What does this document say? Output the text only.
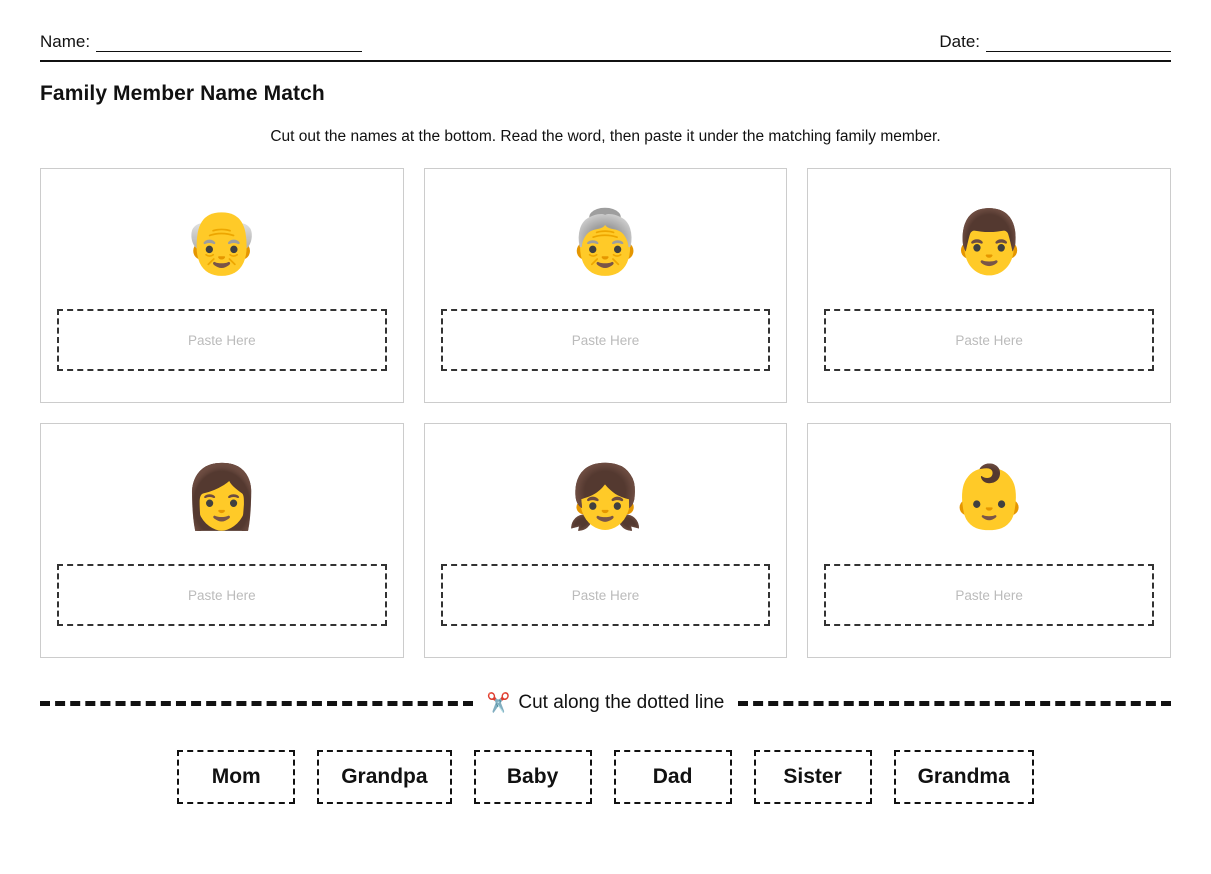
Name:	Date:
Family Member Name Match
Cut out the names at the bottom. Read the word, then paste it under the matching family member.
👴
Paste Here
👵
Paste Here
👨
Paste Here
👩
Paste Here
👧
Paste Here
👶
Paste Here
✂️ Cut along the dotted line
Mom	Grandpa	Baby	Dad	Sister	Grandma
